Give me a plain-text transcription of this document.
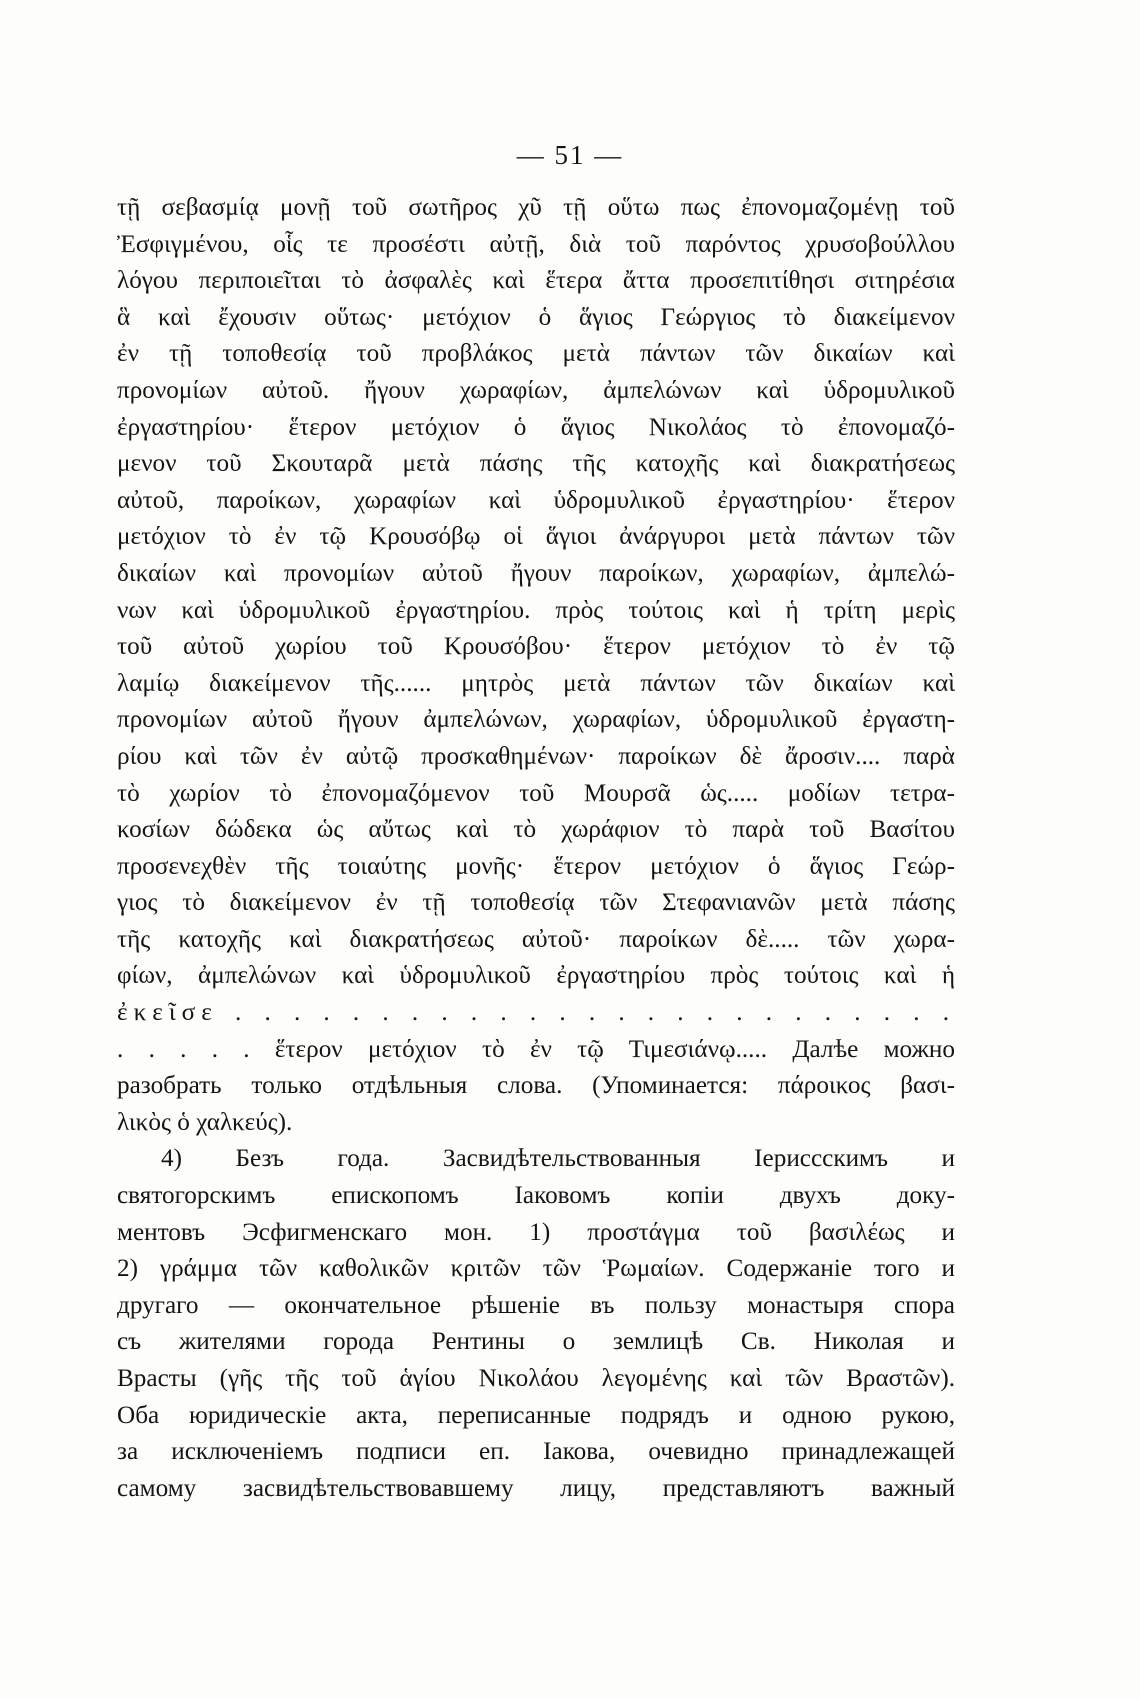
— 51 —
τῇ σεβασμίᾳ μονῇ τοῦ σωτῆρος χῦ τῇ οὕτω πως ἐπονομαζομένῃ τοῦ
Ἐσφιγμένου, οἷς τε προσέστι αὐτῇ, διὰ τοῦ παρόντος χρυσοβούλλου
λόγου περιποιεῖται τὸ ἀσφαλὲς καὶ ἕτερα ἄττα προσεπιτίθησι σιτηρέσια
ἃ καὶ ἔχουσιν οὕτως· μετόχιον ὁ ἅγιος Γεώργιος τὸ διακείμενον
ἐν τῇ τοποθεσίᾳ τοῦ προβλάκος μετὰ πάντων τῶν δικαίων καὶ
προνομίων αὐτοῦ. ἤγουν χωραφίων, ἀμπελώνων καὶ ὑδρομυλικοῦ
ἐργαστηρίου· ἕτερον μετόχιον ὁ ἅγιος Νικολάος τὸ ἐπονομαζό-
μενον τοῦ Σκουταρᾶ μετὰ πάσης τῆς κατοχῆς καὶ διακρατήσεως
αὐτοῦ, παροίκων, χωραφίων καὶ ὑδρομυλικοῦ ἐργαστηρίου· ἕτερον
μετόχιον τὸ ἐν τῷ Κρουσόβῳ οἱ ἅγιοι ἀνάργυροι μετὰ πάντων τῶν
δικαίων καὶ προνομίων αὐτοῦ ἤγουν παροίκων, χωραφίων, ἀμπελώ-
νων καὶ ὑδρομυλικοῦ ἐργαστηρίου. πρὸς τούτοις καὶ ἡ τρίτη μερὶς
τοῦ αὐτοῦ χωρίου τοῦ Κρουσόβου· ἕτερον μετόχιον τὸ ἐν τῷ
λαμίῳ διακείμενον τῆς...... μητρὸς μετὰ πάντων τῶν δικαίων καὶ
προνομίων αὐτοῦ ἤγουν ἀμπελώνων, χωραφίων, ὑδρομυλικοῦ ἐργαστη-
ρίου καὶ τῶν ἐν αὐτῷ προσκαθημένων· παροίκων δὲ ἄροσιν.... παρὰ
τὸ χωρίον τὸ ἐπονομαζόμενον τοῦ Μουρσᾶ ὡς..... μοδίων τετρα-
κοσίων δώδεκα ὡς αὔτως καὶ τὸ χωράφιον τὸ παρὰ τοῦ Βασίτου
προσενεχθὲν τῆς τοιαύτης μονῆς· ἕτερον μετόχιον ὁ ἅγιος Γεώρ-
γιος τὸ διακείμενον ἐν τῇ τοποθεσίᾳ τῶν Στεφανιανῶν μετὰ πάσης
τῆς κατοχῆς καὶ διακρατήσεως αὐτοῦ· παροίκων δὲ..... τῶν χωρα-
φίων, ἀμπελώνων καὶ ὑδρομυλικοῦ ἐργαστηρίου πρὸς τούτοις καὶ ἡ
ἐκεῖσε . . . . . . . . . . . . . . . . . . . . . . . . .
. . . . . ἕτερον μετόχιον τὸ ἐν τῷ Τιμεσιάνῳ..... Далѣе можно
разобрать только отдѣльныя слова. (Упоминается: πάροικος βασι-
λικὸς ὁ χαλκεύς).
4) Безъ года. Засвидѣтельствованныя Іериссскимъ и
святогорскимъ епископомъ Іаковомъ копіи двухъ доку-
ментовъ Эсфигменскаго мон. 1) προστάγμα τοῦ βασιλέως и
2) γράμμα τῶν καθολικῶν κριτῶν τῶν Ῥωμαίων. Содержаніе того и
другаго — окончательное рѣшеніе въ пользу монастыря спора
съ жителями города Рентины о землицѣ Св. Николая и
Врасты (γῆς τῆς τοῦ ἁγίου Νικολάου λεγομένης καὶ τῶν Βραστῶν).
Оба юридическіе акта, переписанные подрядъ и одною рукою,
за исключеніемъ подписи еп. Іакова, очевидно принадлежащей
самому засвидѣтельствовавшему лицу, представляютъ важный
